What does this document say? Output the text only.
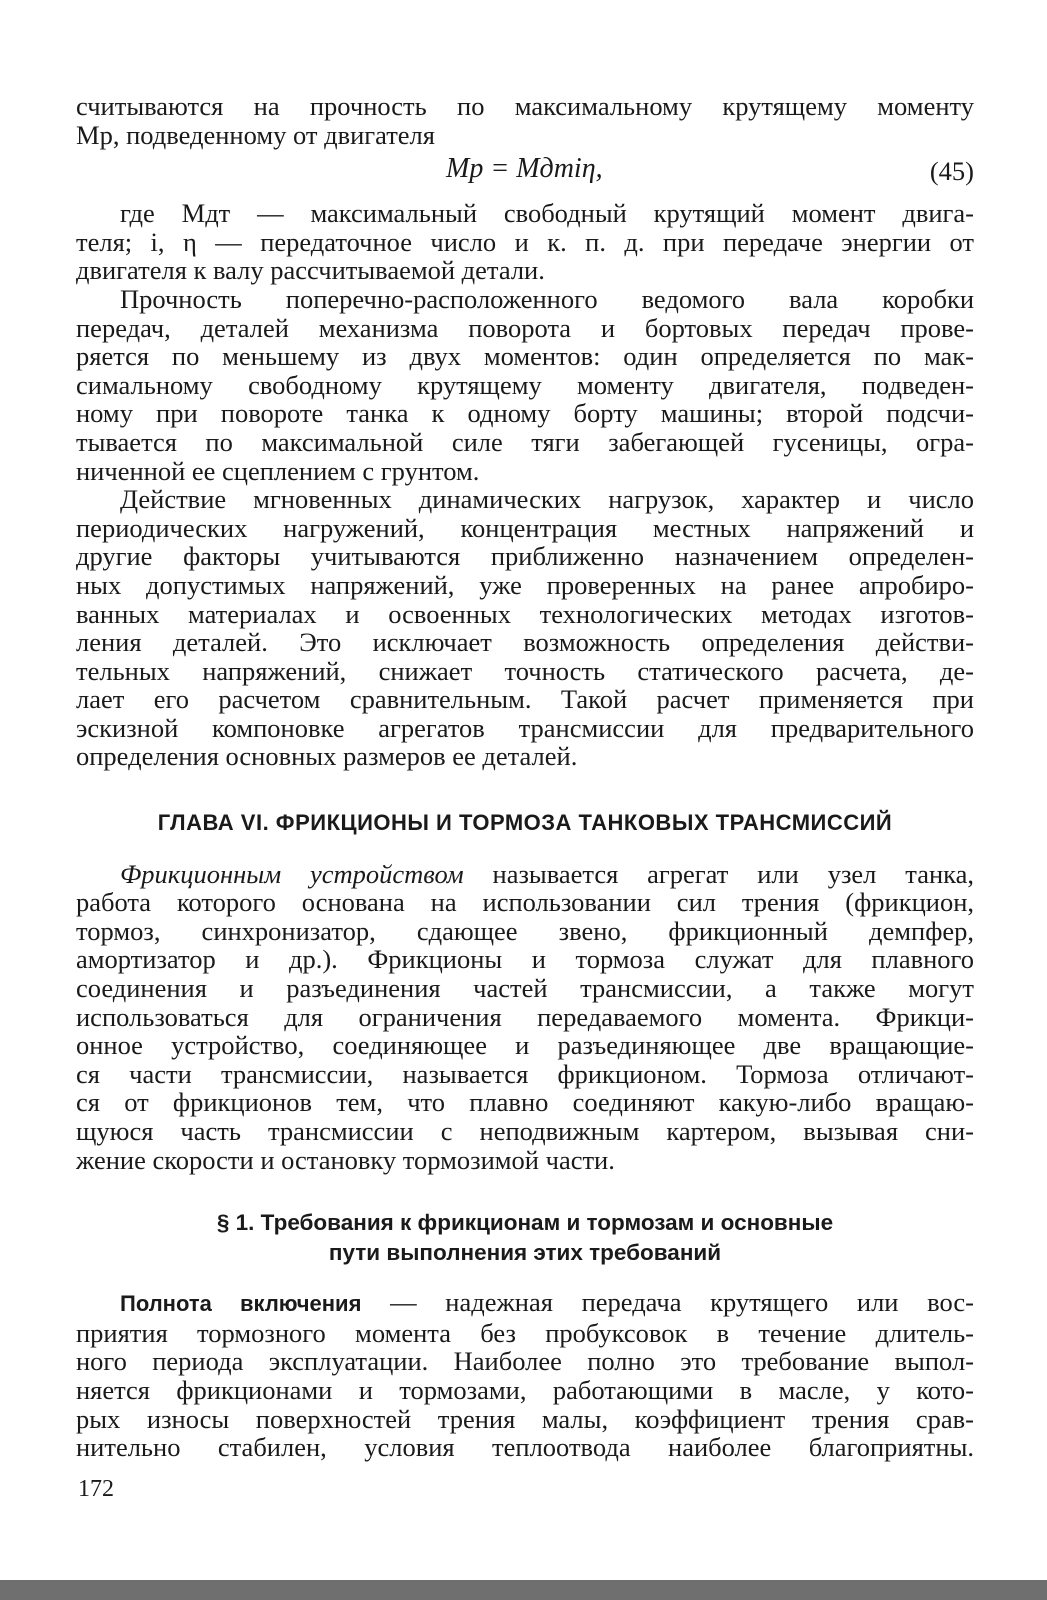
считываются на прочность по максимальному крутящему моменту
Mр, подведенному от двигателя

Mр = Mдтiη,	(45)

где Mдт — максимальный свободный крутящий момент двига-
теля; i, η — передаточное число и к. п. д. при передаче энергии от
двигателя к валу рассчитываемой детали.

Прочность поперечно-расположенного ведомого вала коробки
передач, деталей механизма поворота и бортовых передач прове-
ряется по меньшему из двух моментов: один определяется по мак-
симальному свободному крутящему моменту двигателя, подведен-
ному при повороте танка к одному борту машины; второй подсчи-
тывается по максимальной силе тяги забегающей гусеницы, огра-
ниченной ее сцеплением с грунтом.

Действие мгновенных динамических нагрузок, характер и число
периодических нагружений, концентрация местных напряжений и
другие факторы учитываются приближенно назначением определен-
ных допустимых напряжений, уже проверенных на ранее апробиро-
ванных материалах и освоенных технологических методах изготов-
ления деталей. Это исключает возможность определения действи-
тельных напряжений, снижает точность статического расчета, де-
лает его расчетом сравнительным. Такой расчет применяется при
эскизной компоновке агрегатов трансмиссии для предварительного
определения основных размеров ее деталей.

ГЛАВА VI. ФРИКЦИОНЫ И ТОРМОЗА ТАНКОВЫХ ТРАНСМИССИЙ

Фрикционным устройством называется агрегат или узел танка,
работа которого основана на использовании сил трения (фрикцион,
тормоз, синхронизатор, сдающее звено, фрикционный демпфер,
амортизатор и др.). Фрикционы и тормоза служат для плавного
соединения и разъединения частей трансмиссии, а также могут
использоваться для ограничения передаваемого момента. Фрикци-
онное устройство, соединяющее и разъединяющее две вращающие-
ся части трансмиссии, называется фрикционом. Тормоза отличают-
ся от фрикционов тем, что плавно соединяют какую-либо вращаю-
щуюся часть трансмиссии с неподвижным картером, вызывая сни-
жение скорости и остановку тормозимой части.

§ 1. Требования к фрикционам и тормозам и основные
пути выполнения этих требований

Полнота включения — надежная передача крутящего или вос-
приятия тормозного момента без пробуксовок в течение длитель-
ного периода эксплуатации. Наиболее полно это требование выпол-
няется фрикционами и тормозами, работающими в масле, у кото-
рых износы поверхностей трения малы, коэффициент трения срав-
нительно стабилен, условия теплоотвода наиболее благоприятны.

172
